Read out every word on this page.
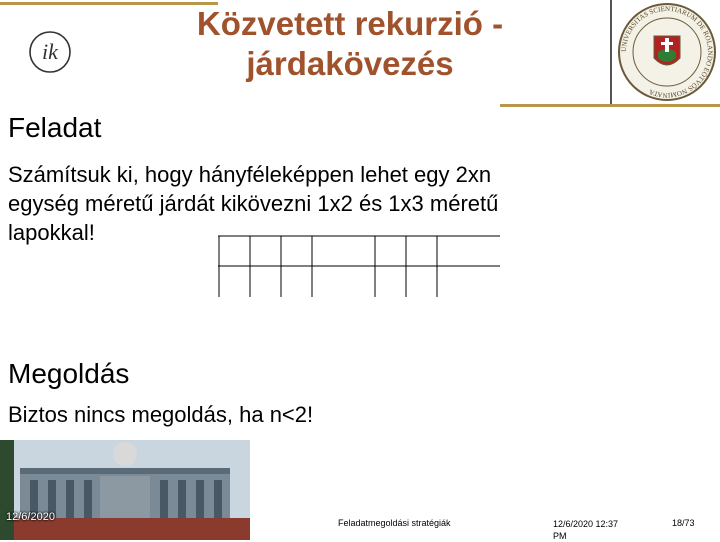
ik
Közvetett rekurzió -
járdakövezés	UNIVERSITAS SCIENTIARUM DE ROLANDO EÖTVÖS NOMINATA
Feladat
Számítsuk ki, hogy hányféleképpen lehet egy 2xn
egység méretű járdát kikövezni 1x2 és 1x3 méretű
lapokkal!
Megoldás
Biztos nincs megoldás, ha n<2!
12/6/2020	Feladatmegoldási stratégiák	12/6/2020 12:37
PM
18/73
